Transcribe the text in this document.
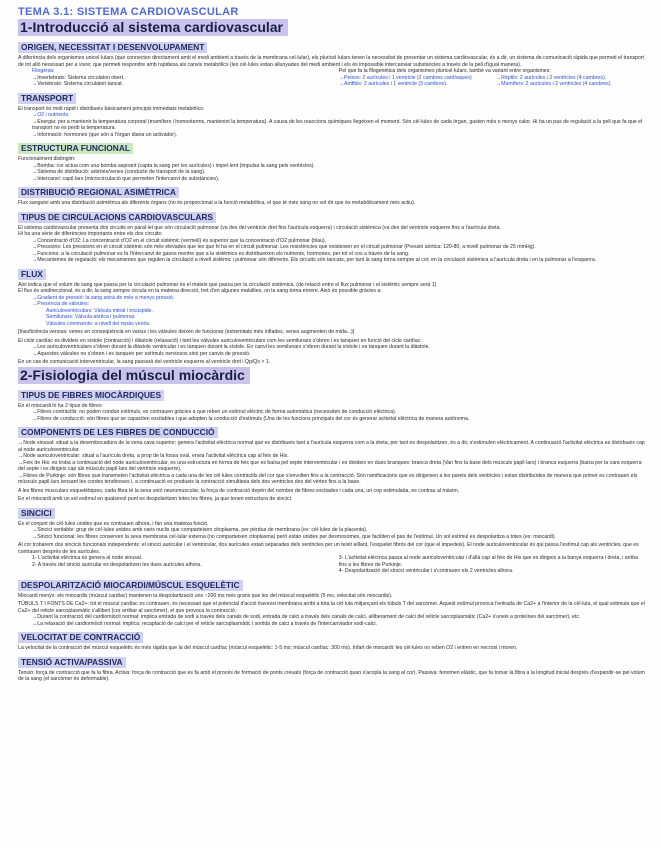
TEMA 3.1: SISTEMA CARDIOVASCULAR
1-Introducció al sistema cardiovascular
ORIGEN, NECESSITAT I DESENVOLUPAMENT

A diferència dels organismes unicel·lulars (que connecten directament amb el medi ambient a través de la membrana cel·lular), els pluricel·lulars tenen la necessitat de presentar un sistema cardiovascular, és a dir, un sistema de comunicació ràpida que permeti el transport de tot allò necessari per a viure; que permeti respondre amb rapidesa als canvis metabòlics (les cèl·lules estan allunyades del medi ambient i els és impossible intercanviar substàncies a través de la pell d'igual manera).

Filogènia:

→Invertebrats: Sistema circulatori obert.

→Vertebrats: Sistema circulatori tancat.

Pel que fa la filogenètica dels organismes pluricel·lulars, també va variant entre organismes:

→Peixos: 2 aurícules i 1 ventricle (2 cambres cardíaques)

→Amfibis: 2 aurícules i 1 ventricle (3 cambres).

→Rèptils: 2 aurícules i 2 ventricles (4 cambres).

→Mamífers: 2 aurícules i 2 ventricles (4 cambres).

TRANSPORT

El transport és molt ràpid i distribueix bàsicament principis immediats metabòlics:

→O2 i nutrients.

→Energia: per a mantenir la temperatura corporal (mamífers i homeoterms, mantenint la temperatura). A causa de les reaccions químiques llegeixen el moment. Són cèl·lules de cada òrgan, gasten més o menys calor. Hi ha un pas de regulació a la pell que fa que el transport no es perdi la temperatura.

→Informació: hormones (que són a l'òrgan diana un activador).

ESTRUCTURA FUNCIONAL

Funcionalment distingim:

→Bomba: cor actua com una bomba aspirant (capta la sang per les aurícules) i impel·lent (impulsa la sang pels ventricles).

→Sistema de distribució: artèries/venes (conducte de transport de la sang).

→Intercanvi: capil·lars (microcirculació que permeten l'intercanvi de substàncies).

DISTRIBUCIÓ REGIONAL ASIMÈTRICA

Flux sanguini amb una distribució asimètrica als diferents òrgans (no és proporcional a la funció metabòlica, el que té més sang no vol dir que és metabòlicament més actiu).

TIPUS DE CIRCULACIONS CARDIOVASCULARS

El sistema cardiovascular presenta dos circuits en paral·lel que són circulació pulmonar (va des del ventricle dret fins l'aurícula esquerra) i circulació sistèmica (va des del ventricle esquerre fins a l'aurícula dreta.

Hi ha una sèrie de diferències importants entre els dos circuits:

→Concentració d'O2: La concentració d'O2 en el circuit sistèmic (vermell) és superior que la concentració d'O2 pulmonar (blau).

→Pressions: Les pressions en el circuit sistèmic són més elevades que les que hi ha en el circuit pulmonar. Les resistències que existeixen en el circuit pulmonar (Pressió aòrtica: 120-80; a nivell pulmonar de 25 mmHg).

→Funcions: a la circulació pulmonar es fa l'intercanvi de gasos mentre que a la sistèmica es distribueixen els nutrients, hormones, per tot el cos a través de la sang.

→Mecanismes de regulació: els mecanismes que regulen la circulació a nivell sistèmic i pulmonar són diferents. Els circuits són tancats, per tant la sang torna sempre al cor, en la circulació sistèmica a l'aurícula dreta i en la pulmonar a l'esquerra.

FLUX

Així indica que el volum de sang que passa per la circulació pulmonar és el mateix que passa per la circulació sistèmica. (de relació entre el flux pulmonar i el sistèmic sempre serà 1)

El flux és unidireccional, és a dir, la sang sempre circula en la mateixa direcció, tret d'en algunes malalties, on la sang torna enrere. Això és possible gràcies a:

→Gradient de pressió: la sang anirà de més a menys pressió.

→Presència de vàlvules:

Auriculoventriculars: Vàlvula mitral i tricúspide.

Semilunars: Vàlvula aòrtica i pulmonar.

Vàlvules connivents: a nivell del repàs venós.

[Insuficiència venosa: venes en conseqüència en varius i les vàlvules deixen de funcionar (extremitats més inflades, venes augmenten de mida...)]

El cicle cardíac es divideix en sístole (contracció) i diàstole (relaxació) i tant les vàlvules auriculoventriculars com les semilunars s'obren i es tanquen en funció del cicle cardíac:

→Les auriculoventriculars s'obren durant la diàstole ventricular i es tanquen durant la sístole. En canvi les semilunars s'obren durant la sístole i es tanquen durant la diàstole.

→Aquestes vàlvules no s'obren i es tanquen per estímuls nerviosos sinó per canvis de pressió.

En un cas de comunicació interventricular, la sang passarà del ventricle esquerre al ventricle dret i Qp/Qs > 1.

2-Fisiologia del múscul miocàrdic
TIPUS DE FIBRES MIOCÀRDIQUES

En el miocardi hi ha 2 tipus de fibres:

→Fibres contràctils: no poden conduir estímuls, es contrauen gràcies a que reben un estímul elèctric de forma automàtica (necessiten de conducció elèctrica).

→Fibres de conducció: són fibres que se capaciten excitables i que adopten la conducció d'estímuls (Una de les funcions principals del cor és generar activitat elèctrica de manera autònoma.

COMPONENTS DE LES FIBRES DE CONDUCCIÓ

→Node sinusal: situat a la desembocadura de la vena cava superior; genera l'activitat elèctrica normal que es distribueix tant a l'aurícula esquerra com a la dreta, per tant es despolaritzen, és a dir, s'estimulen elèctricament. A continuació l'activitat elèctrica es distribueix cap al node auriculoventricular.

→Node auriculoventricular: situat a l'aurícula dreta, a prop de la fossa oval, envia l'activitat elèctrica cap al feix de His.

→Feix de His: es troba a continuació del node auriculoventricular, es una estructura en forma de feix que es baixa pel septe interventricular i es divideix en dues branques: branca dreta (Van fins la base dels músculs papil·lars) i branca esquerra (baixa per la cara esquerra del septe i es dirigeix cap als músculs papil·lars del ventricle esquerre).

→Fibres de Purkinje: són fibres que transmeten l'activitat elèctrica a cada una de les cèl·lules contràctils del cor que s'envolten fins a la contracció. Són ramificacions que es dirigeixen a les parets dels ventricles i estan distribuïdes de manera que primer es contrauen els músculs papil·lars tensant les cordes tendinoses i, a continuació es produeix la contracció simultània dels dos ventricles des del vèrtex fins a la base.

A les fibres musculars esquelètiques, cada fibra té la seva unió neuromuscular, la força de contracció depèn del nombre de fibres excitades i cada una, un cop estimulada, es contrau al màxim.

En el miocardi amb un sol estímul en qualsevol punt es despolaritzen totes les fibres, ja que tenen estructura de sincici.

SINCICI

És el conjunt de cèl·lules unides que es contrauen alhora, i fan una mateixa funció.

→Sincici veritable: grup de cèl·lules unides amb varis nuclis que comparteixen citoplasma, per pèrdua de membrana (ex: cèl·lules de la placenta).

→Sincici funcional: les fibres conserven la seva membrana cel·lular externa (no comparteixen citoplasma) però estan unides per desmosomes, que faciliten el pas de l'estímul. Un sol estímul es despolaritza a totes (ex: miocardi).

Al cor trobarem dos sincicis funcionals independents: el sincici auricular i el ventricular, dos aurícules estan separades dels ventricles per un teixit aïllant, l'esquelet fibrós del cor (que el impedeix). El node auriculoventricular és qui passa l'estímul cap als ventricles, que es contrauen després de les aurícules.

1- L'activitat elèctrica es genera al node sinusal.

2- A través del sincici auricular es despolaritzen les dues aurícules alhora.

3- L'activitat elèctrica passa al node auriculoventricular i d'allà cap al feix de His que es dirigeix a la banya esquerra i dreta, i arriba fins a les fibres de Purkinje.

4- Despolarització del sincici ventricular i s'contrauen els 2 ventricles alhora.

DESPOLARITZACIÓ MIOCARDI/MÚSCUL ESQUELÈTIC

Miocardi menys: els miocardis (múscul cardíac) mantenen la despolarització uns ~200 ms més grans que les del múscul esquelètic (5 ms, velocitat són miocardis).

TÚBULS T I FONTS DE Ca2+: tot el múscul cardíac es contrauen, és necessari que el potencial d'acció travessi membrana arribi a tota la cèl·lula mitjançant els túbuls T del sarcòmer. Aquest estímul provoca l'entrada de Ca2+ a l'interior de la cèl·lula, el qual estimula que el Ca2+ del reticle sarcoplasmàtic s'alliberi (cor arribar al sarcòmer), el que provoca la contracció.

→Durant la contracció del cardiomiòcit normal: implica entrada de sodi a través dels canals de sodi, entrada de calci a través dels canals de calci, alliberament de calci del reticle sarcoplasmàtic (Ca2+ s'uneix a proteïnes del sarcòmer), etc.

→La relaxació del cardiomiòcit normal: implica: recaptació de calci per el reticle sarcoplasmàtic i sortida de calci a través de l'intercanviador sodi-calci.

VELOCITAT DE CONTRACCIÓ

La velocitat de la contracció del múscul esquelètic és més ràpida que la del múscul cardíac (múscul esquelètic: 1-5 ms; múscul cardíac: 300 ms). Infart de miocardi: les cèl·lules no reben O2 i entren en necrosi i moren.

TENSIÓ ACTIVA/PASSIVA

Tensió: força de contracció que fa la fibra. Activa: força de contracció que es fa amb el procés de formació de ponts creuats (força de contracció quan s'acopla la sang al cor). Passiva: fenomen elàstic, que fa tornar la fibra a la longitud inicial després d'expandir-se pel volum de la sang (el sarcòmer és deformable).
